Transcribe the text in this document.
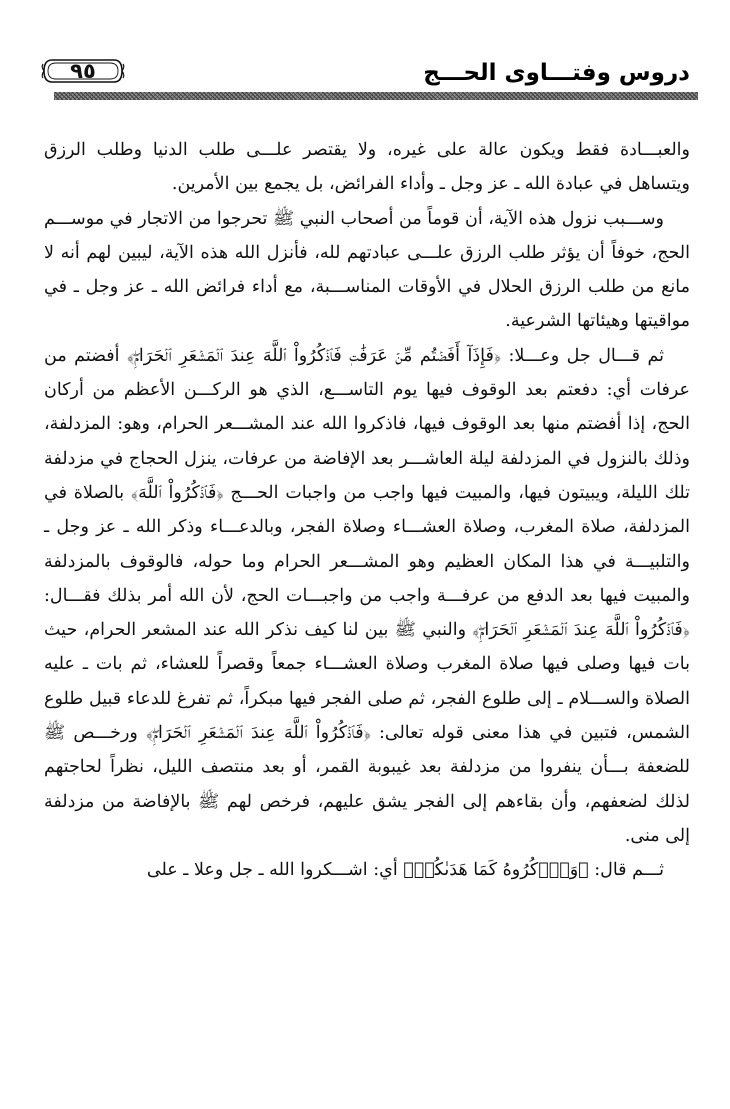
دروس وفتـــاوى الحـــج
٩٥

والعبـــادة فقط ويكون عالة على غيره، ولا يقتصر علـــى طلب الدنيا وطلب الرزق ويتساهل في عبادة الله ـ عز وجل ـ وأداء الفرائض، بل يجمع بين الأمرين.

وســـبب نزول هذه الآية، أن قوماً من أصحاب النبي ﷺ تحرجوا من الاتجار في موســـم الحج، خوفاً أن يؤثر طلب الرزق علـــى عبادتهم لله، فأنزل الله هذه الآية، ليبين لهم أنه لا مانع من طلب الرزق الحلال في الأوقات المناســـبة، مع أداء فرائض الله ـ عز وجل ـ في مواقيتها وهيئاتها الشرعية.

ثم قـــال جل وعـــلا: ﴿فَإِذَآ أَفَضۡتُم مِّنۡ عَرَفَٰتٖ فَٱذۡكُرُواْ ٱللَّهَ عِندَ ٱلۡمَشۡعَرِ ٱلۡحَرَامِۖ﴾ أفضتم من عرفات أي: دفعتم بعد الوقوف فيها يوم التاســـع، الذي هو الركـــن الأعظم من أركان الحج، إذا أفضتم منها بعد الوقوف فيها، فاذكروا الله عند المشـــعر الحرام، وهو: المزدلفة، وذلك بالنزول في المزدلفة ليلة العاشـــر بعد الإفاضة من عرفات، ينزل الحجاج في مزدلفة تلك الليلة، ويبيتون فيها، والمبيت فيها واجب من واجبات الحـــج ﴿فَٱذۡكُرُواْ ٱللَّهَ﴾ بالصلاة في المزدلفة، صلاة المغرب، وصلاة العشـــاء وصلاة الفجر، وبالدعـــاء وذكر الله ـ عز وجل ـ والتلبيـــة في هذا المكان العظيم وهو المشـــعر الحرام وما حوله، فالوقوف بالمزدلفة والمبيت فيها بعد الدفع من عرفـــة واجب من واجبـــات الحج، لأن الله أمر بذلك فقـــال: ﴿فَٱذۡكُرُواْ ٱللَّهَ عِندَ ٱلۡمَشۡعَرِ ٱلۡحَرَامِۖ﴾ والنبي ﷺ بين لنا كيف نذكر الله عند المشعر الحرام، حيث بات فيها وصلى فيها صلاة المغرب وصلاة العشـــاء جمعاً وقصراً للعشاء، ثم بات ـ عليه الصلاة والســـلام ـ إلى طلوع الفجر، ثم صلى الفجر فيها مبكراً، ثم تفرغ للدعاء قبيل طلوع الشمس، فتبين في هذا معنى قوله تعالى: ﴿فَٱذۡكُرُواْ ٱللَّهَ عِندَ ٱلۡمَشۡعَرِ ٱلۡحَرَامِۖ﴾ ورخـــص ﷺ للضعفة بـــأن ينفروا من مزدلفة بعد غيبوبة القمر، أو بعد منتصف الليل، نظراً لحاجتهم لذلك لضعفهم، وأن بقاءهم إلى الفجر يشق عليهم، فرخص لهم ﷺ بالإفاضة من مزدلفة إلى منى.

ثـــم قال: ﴿وَٱذۡكُرُوهُ كَمَا هَدَىٰكُمۡ﴾ أي: اشـــكروا الله ـ جل وعلا ـ على
